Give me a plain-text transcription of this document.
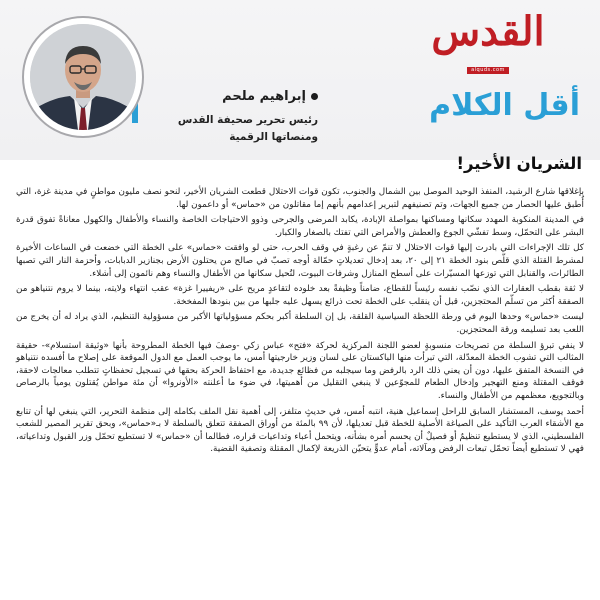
القدس
alquds.com
أقل الكلام

إبراهيم ملحم

رئيس تحرير صحيفة القدس

ومنصاتها الرقمية

الشريان الأخير!

بإغلاقها شارع الرشيد، المنفذ الوحيد الموصل بين الشمال والجنوب، تكون قوات الاحتلال قطعت الشريان الأخير، لنحو نصف مليون مواطنٍ في مدينة غزة، التي أُطبق عليها الحصار من جميع الجهات، وتم تصنيفهم لتبرير إعدامهم بأنهم إما مقاتلون من «حماس» أو داعمون لها.

في المدينة المنكوبة المهدد سكانها ومساكنها بمواصلة الإبادة، يكابد المرضى والجرحى وذوو الاحتياجات الخاصة والنساء والأطفال والكهول معاناةً تفوق قدرة البشر على التحمّل، وسط تفشّي الجوع والعطش والأمراض التي تفتك بالصغار والكبار.

كل تلك الإجراءات التي بادرت إليها قوات الاحتلال لا تنمّ عن رغبةٍ في وقف الحرب، حتى لو وافقت «حماس» على الخطة التي خضعت في الساعات الأخيرة لمشرط القتلة الذي قلّص بنود الخطة ٢١ إلى ٢٠، بعد إدخال تعديلاتٍ حمّالة أوجه تصبّ في صالح من يحتلون الأرض بجنازير الدبابات، وأحزمة النار التي تصبها الطائرات، والقنابل التي توزعها المسيّرات على أسطح المنازل وشرفات البيوت، لتُحيل سكانها من الأطفال والنساء وهم نائمون إلى أشلاء.

لا ثقة بقطب العقارات الذي نصّب نفسه رئيساً للقطاع، ضامناً وظيفةً بعد خلوده لتقاعدٍ مريح على «ريفييرا غزة» عقب انتهاء ولايته، بينما لا يروم نتنياهو من الصفقة أكثر من تسلّم المحتجزين، قبل أن ينقلب على الخطة تحت ذرائع يسهل عليه جلبها من بين بنودها المفخخة.

ليست «حماس» وحدها اليوم في ورطة اللحظة السياسية القلقة، بل إن السلطة أكبر بحكم مسؤولياتها الأكبر من مسؤولية التنظيم، الذي يراد له أن يخرج من اللعب بعد تسليمه ورقة المحتجزين.

لا ينفي تبرؤ السلطة من تصريحات منسوبةٍ لعضو اللجنة المركزية لحركة «فتح» عباس زكي -وصفَ فيها الخطة المطروحة بأنها «وثيقة استسلام»- حقيقة المثالب التي تشوب الخطة المعدّلة، التي تبرأت منها الباكستان على لسان وزير خارجيتها أمس، ما يوجب العمل مع الدول الموقعة على إصلاح ما أفسده نتنياهو في النسخة المتفق عليها، دون أن يعني ذلك الرد بالرفض وما سيجلبه من فظائع جديدة، مع احتفاظ الحركة بحقها في تسجيل تحفظاتٍ تتطلب معالجات لاحقة، فوقف المقتلة ومنع التهجير وإدخال الطعام للمجوّعين لا ينبغي التقليل من أهميتها، في ضوء ما أعلنته «الأونروا» أن مئة مواطن يُقتلون يومياً بالرصاص وبالتجويع، معظمهم من الأطفال والنساء.

أحمد يوسف، المستشار السابق للراحل إسماعيل هنية، انتبه أمس، في حديثٍ متلفز، إلى أهمية نقل الملف بكامله إلى منظمة التحرير، التي ينبغي لها أن تتابع مع الأشقاء العرب التأكيد على الصياغة الأصلية للخطة قبل تعديلها، لأن ٩٩ بالمئة من أوراق الصفقة تتعلق بالسلطة لا بـ«حماس»، وبحق تقرير المصير للشعب الفلسطيني، الذي لا يستطيع تنظيمٌ أو فصيلٌ أن يحسم أمره بشأنه، ويتحمل أعباء وتداعيات قراره، فطالما أن «حماس» لا تستطيع تحمّل وزر القبول وتداعياته، فهي لا تستطيع أيضاً تحمّل تبعات الرفض ومآلاته، أمام عدوٍّ يتحيّن الذريعة لإكمال المقتلة وتصفية القضية.
